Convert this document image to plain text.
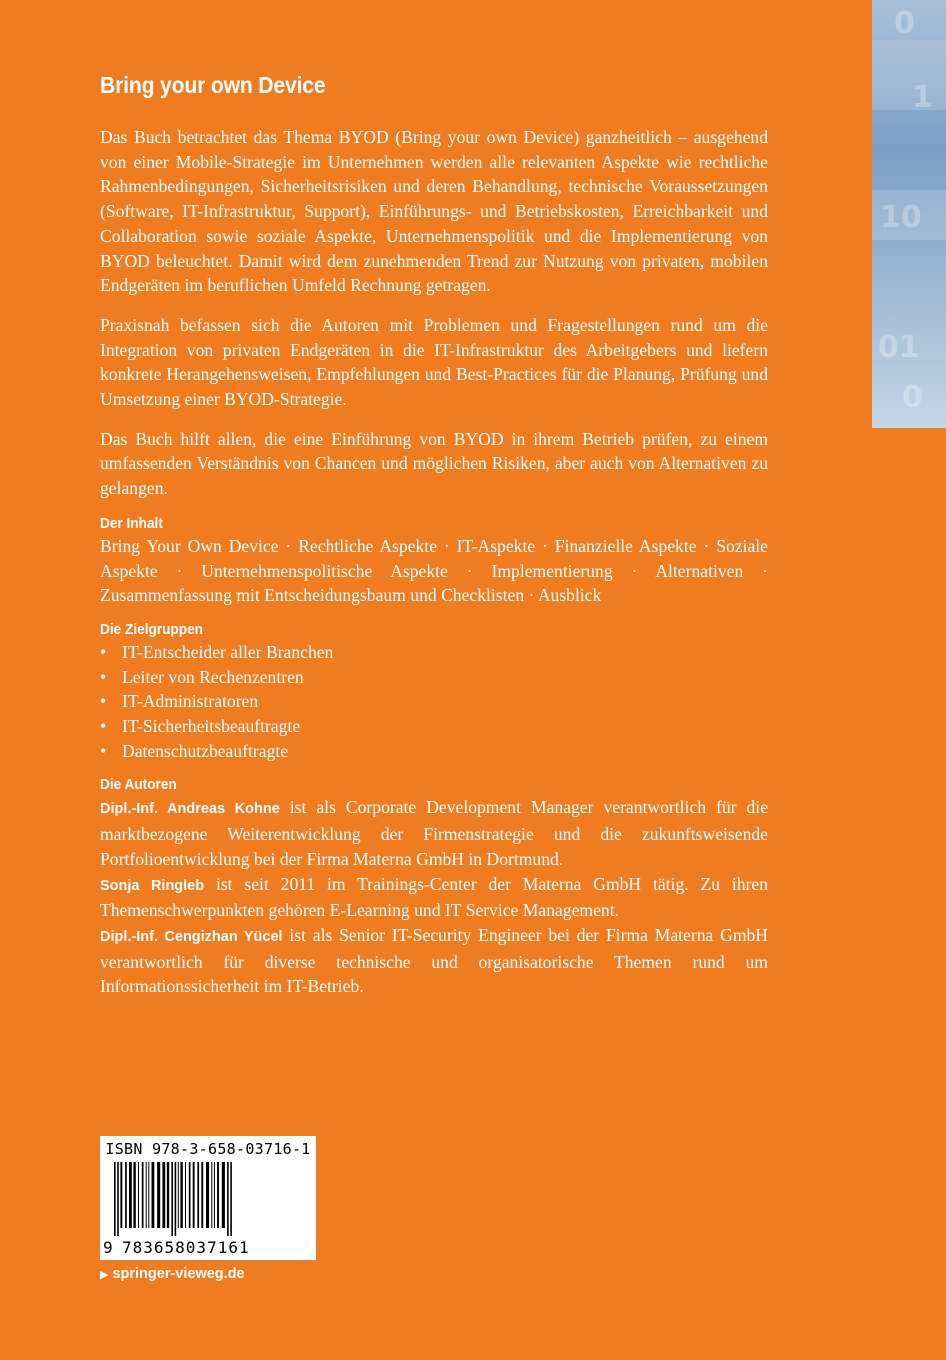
0
1
10
01
0
Bring your own Device

Das Buch betrachtet das Thema BYOD (Bring your own Device) ganzheitlich – ausgehend von einer Mobile-Strategie im Unternehmen werden alle relevanten Aspekte wie rechtliche Rahmenbedingungen, Sicherheitsrisiken und deren Behandlung, technische Voraussetzungen (Software, IT-Infrastruktur, Support), Einführungs- und Betriebskosten, Erreichbarkeit und Collaboration sowie soziale Aspekte, Unternehmenspolitik und die Implementierung von BYOD beleuchtet. Damit wird dem zunehmenden Trend zur Nutzung von privaten, mobilen Endgeräten im beruflichen Umfeld Rechnung getragen.

Praxisnah befassen sich die Autoren mit Problemen und Fragestellungen rund um die Integration von privaten Endgeräten in die IT-Infrastruktur des Arbeitgebers und liefern konkrete Herangehensweisen, Empfehlungen und Best-Practices für die Planung, Prüfung und Umsetzung einer BYOD-Strategie.

Das Buch hilft allen, die eine Einführung von BYOD in ihrem Betrieb prüfen, zu einem umfassenden Verständnis von Chancen und möglichen Risiken, aber auch von Alternativen zu gelangen.

Der Inhalt
Bring Your Own Device · Rechtliche Aspekte · IT-Aspekte · Finanzielle Aspekte · Soziale Aspekte · Unternehmenspolitische Aspekte · Implementierung · Alternativen · Zusammenfassung mit Entscheidungsbaum und Checklisten · Ausblick
Die Zielgruppen
• IT-Entscheider aller Branchen
• Leiter von Rechenzentren
• IT-Administratoren
• IT-Sicherheitsbeauftragte
• Datenschutzbeauftragte
Die Autoren

Dipl.-Inf. Andreas Kohne ist als Corporate Development Manager verantwortlich für die marktbezogene Weiterentwicklung der Firmenstrategie und die zukunftsweisende Portfolioentwicklung bei der Firma Materna GmbH in Dortmund.

Sonja Ringleb ist seit 2011 im Trainings-Center der Materna GmbH tätig. Zu ihren Themenschwerpunkten gehören E-Learning und IT Service Management.

Dipl.-Inf. Cengizhan Yücel ist als Senior IT-Security Engineer bei der Firma Materna GmbH verantwortlich für diverse technische und organisatorische Themen rund um Informationssicherheit im IT-Betrieb.

ISBN 978-3-658-03716-1
9 783658037161
▶ springer-vieweg.de
